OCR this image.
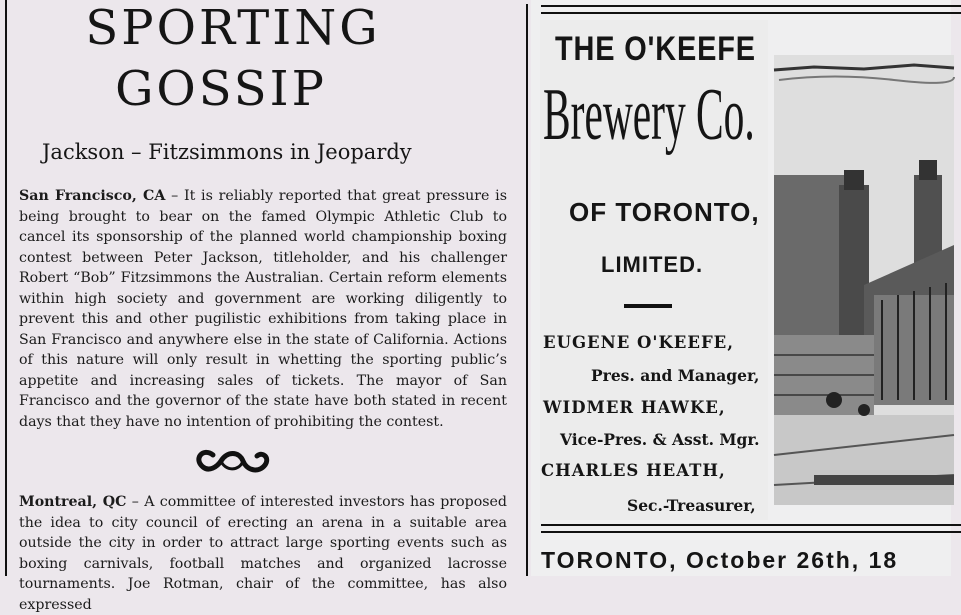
SPORTING
GOSSIP
Jackson – Fitzsimmons in Jeopardy

San Francisco, CA – It is reliably reported that great pressure is being brought to bear on the famed Olympic Athletic Club to cancel its sponsorship of the planned world championship boxing contest between Peter Jackson, titleholder, and his challenger Robert “Bob” Fitzsimmons the Australian. Certain reform elements within high society and government are working diligently to prevent this and other pugilistic exhibitions from taking place in San Francisco and anywhere else in the state of California. Actions of this nature will only result in whetting the sporting public’s appetite and increasing sales of tickets. The mayor of San Francisco and the governor of the state have both stated in recent days that they have no intention of prohibiting the contest.

Montreal, QC – A committee of interested investors has proposed the idea to city council of erecting an arena in a suitable area outside the city in order to attract large sporting events such as boxing carnivals, football matches and organized lacrosse tournaments. Joe Rotman, chair of the committee, has also expressed

THE O'KEEFE
Brewery Co.
OF TORONTO,
LIMITED.
EUGENE O'KEEFE,
Pres. and Manager,
WIDMER HAWKE,
Vice-Pres. & Asst. Mgr.
CHARLES HEATH,
Sec.-Treasurer,
TORONTO, October 26th, 18
